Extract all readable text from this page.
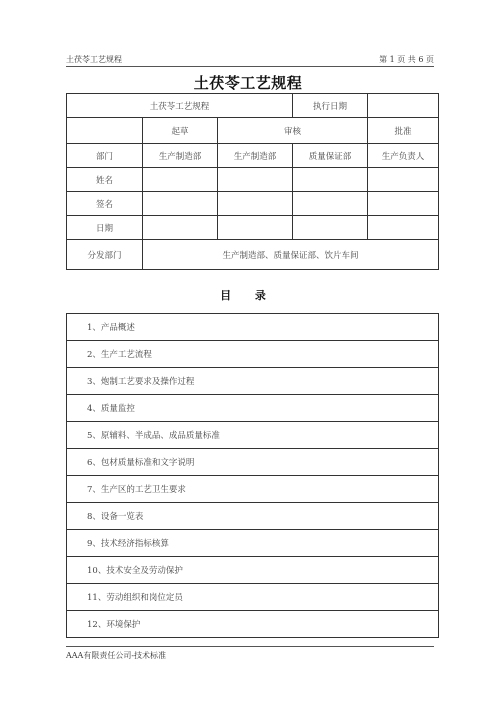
土茯苓工艺规程	第 1 页 共 6 页
土茯苓工艺规程
土茯苓工艺规程			执行日期	
	起草	审核		批准
部门	生产制造部	生产制造部	质量保证部	生产负责人
姓名				
签名				
日期				
分发部门	生产制造部、质量保证部、饮片车间			
目 录
1、产品概述
2、生产工艺流程
3、炮制工艺要求及操作过程
4、质量监控
5、原辅料、半成品、成品质量标准
6、包材质量标准和文字说明
7、生产区的工艺卫生要求
8、设备一览表
9、技术经济指标核算
10、技术安全及劳动保护
11、劳动组织和岗位定员
12、环境保护
AAA有限责任公司-技术标准
